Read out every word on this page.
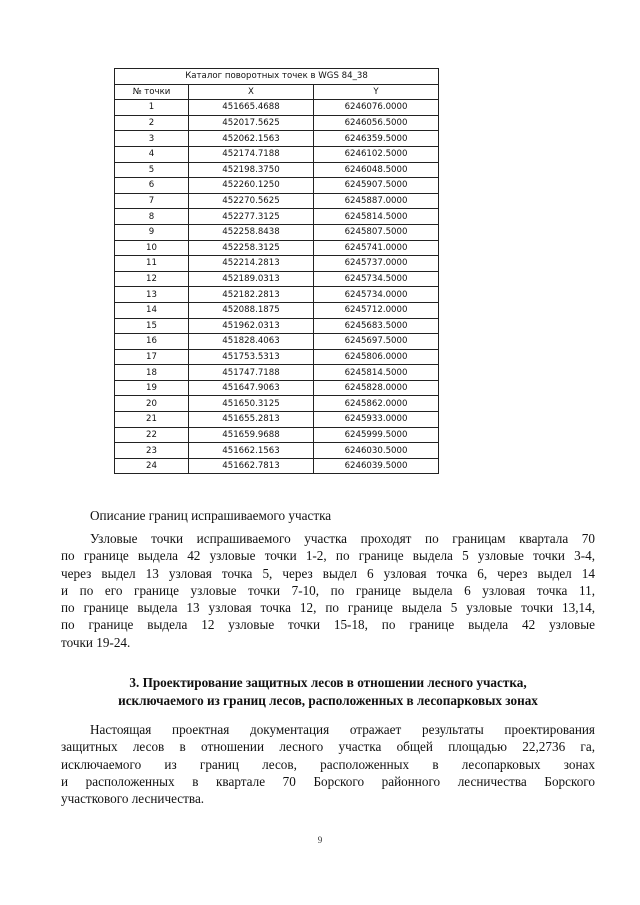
Каталог поворотных точек в WGS 84_38		
№ точки	X	Y
1	451665.4688	6246076.0000
2	452017.5625	6246056.5000
3	452062.1563	6246359.5000
4	452174.7188	6246102.5000
5	452198.3750	6246048.5000
6	452260.1250	6245907.5000
7	452270.5625	6245887.0000
8	452277.3125	6245814.5000
9	452258.8438	6245807.5000
10	452258.3125	6245741.0000
11	452214.2813	6245737.0000
12	452189.0313	6245734.5000
13	452182.2813	6245734.0000
14	452088.1875	6245712.0000
15	451962.0313	6245683.5000
16	451828.4063	6245697.5000
17	451753.5313	6245806.0000
18	451747.7188	6245814.5000
19	451647.9063	6245828.0000
20	451650.3125	6245862.0000
21	451655.2813	6245933.0000
22	451659.9688	6245999.5000
23	451662.1563	6246030.5000
24	451662.7813	6246039.5000
Описание границ испрашиваемого участка
Узловые точки испрашиваемого участка проходят по границам квартала 70
по границе выдела 42 узловые точки 1-2, по границе выдела 5 узловые точки 3-4,
через выдел 13 узловая точка 5, через выдел 6 узловая точка 6, через выдел 14
и по его границе узловые точки 7-10, по границе выдела 6 узловая точка 11,
по границе выдела 13 узловая точка 12, по границе выдела 5 узловые точки 13,14,
по границе выдела 12 узловые точки 15-18, по границе выдела 42 узловые
точки 19-24.
3. Проектирование защитных лесов в отношении лесного участка,
исключаемого из границ лесов, расположенных в лесопарковых зонах
Настоящая проектная документация отражает результаты проектирования
защитных лесов в отношении лесного участка общей площадью 22,2736 га,
исключаемого из границ лесов, расположенных в лесопарковых зонах
и расположенных в квартале 70 Борского районного лесничества Борского
участкового лесничества.
9
